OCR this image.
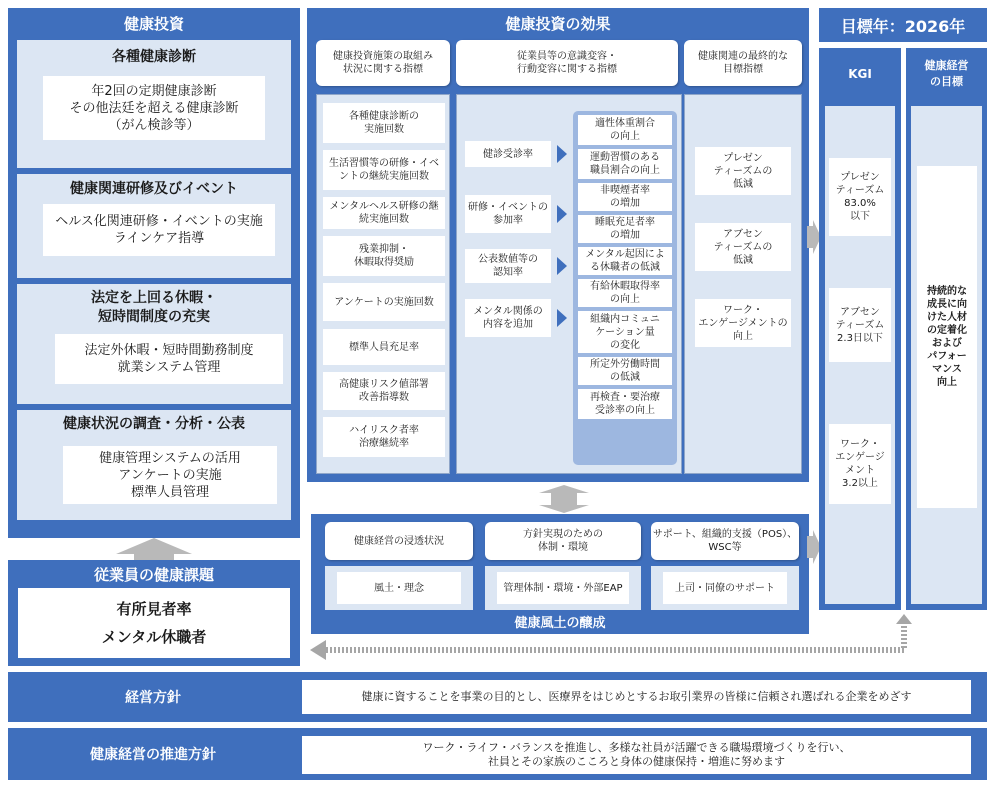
健康投資
各種健康診断
年2回の定期健康診断
その他法廷を超える健康診断
（がん検診等）
健康関連研修及びイベント
ヘルス化関連研修・イベントの実施
ラインケア指導
法定を上回る休暇・
短時間制度の充実
法定外休暇・短時間勤務制度
就業システム管理
健康状況の調査・分析・公表
健康管理システムの活用
アンケートの実施
標準人員管理
従業員の健康課題
有所見者率
メンタル休職者
健康投資の効果
健康投資施策の取組み
状況に関する指標
従業員等の意識変容・
行動変容に関する指標
健康関連の最終的な
目標指標
各種健康診断の
実施回数
生活習慣等の研修・イベ
ントの継続実施回数
メンタルヘルス研修の継
続実施回数
残業抑制・
休暇取得奨励
アンケートの実施回数
標準人員充足率
高健康リスク値部署
改善指導数
ハイリスク者率
治療継続率
適性体重割合
の向上
運動習慣のある
職員割合の向上
非喫煙者率
の増加
睡眠充足者率
の増加
メンタル起因によ
る休職者の低減
有給休暇取得率
の向上
組織内コミュニ
ケーション量
の変化
所定外労働時間
の低減
再検査・要治療
受診率の向上
健診受診率
研修・イベントの
参加率
公表数値等の
認知率
メンタル関係の
内容を追加
プレゼン
ティーズムの
低減
アブセン
ティーズムの
低減
ワーク・
エンゲージメントの
向上
健康風土の醸成
健康経営の浸透状況
風土・理念
方針実現のための
体制・環境
管理体制・環境・外部EAP
サポート、組織的支援（POS）、
WSC等
上司・同僚のサポート
目標年：2026年
KGI
プレゼン
ティーズム
83.0%
以下
アブセン
ティーズム
2.3日以下
ワーク・
エンゲージ
メント
3.2以上
健康経営
の目標
持続的な
成長に向
けた人材
の定着化
および
パフォー
マンス
向上
経営方針	健康に資することを事業の目的とし、医療界をはじめとするお取引業界の皆様に信頼され選ばれる企業をめざす
健康経営の推進方針	ワーク・ライフ・バランスを推進し、多様な社員が活躍できる職場環境づくりを行い、
社員とその家族のこころと身体の健康保持・増進に努めます
